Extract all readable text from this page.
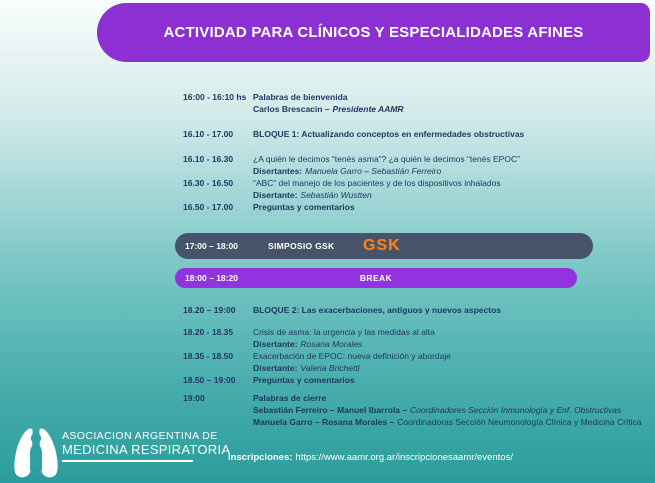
ACTIVIDAD PARA CLÍNICOS Y ESPECIALIDADES AFINES
16:00 - 16:10 hs Palabras de bienvenida
Carlos Brescacin – Presidente AAMR
16.10 - 17.00 BLOQUE 1: Actualizando conceptos en enfermedades obstructivas
16.10 - 16.30 ¿A quién le decimos “tenés asma”? ¿a quién le decimos “tenés EPOC”
Disertantes: Manuela Garro – Sebastián Ferreiro
16.30 - 16.50 “ABC” del manejo de los pacientes y de los dispositivos inhalados
Disertante: Sebastián Wustten
16.50 - 17.00 Preguntas y comentarios
17:00 – 18:00	SIMPOSIO GSK GSK
18:00 – 18:20	BREAK
18.20 – 19:00 BLOQUE 2: Las exacerbaciones, antiguos y nuevos aspectos
18.20 - 18.35 Crisis de asma: la urgencia y las medidas al alta
Disertante: Rosana Morales
18.35 - 18.50 Exacerbación de EPOC: nueva definición y abordaje
Disertante: Valeria Brichetti
18.50 – 19:00 Preguntas y comentarios
19:00	Palabras de cierre
Sebastián Ferreiro – Manuel Ibarrola – Coordinadores Sección Inmunología y Enf. Obstructivas
Manuela Garro – Rosana Morales – Coordinadoras Sección Neumonología Clínica y Medicina Crítica
ASOCIACION ARGENTINA DE
MEDICINA RESPIRATORIA
Inscripciones: https://www.aamr.org.ar/inscripcionesaamr/eventos/
